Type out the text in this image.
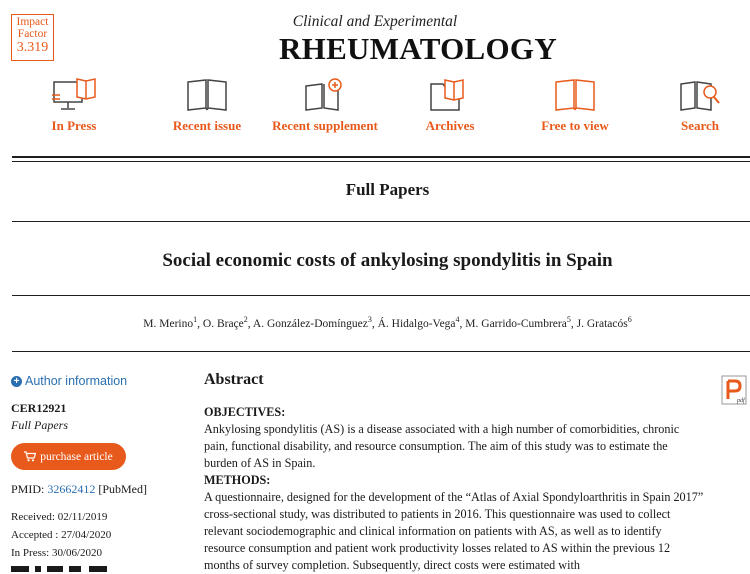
Impact
Factor
3.319
Clinical and Experimental
RHEUMATOLOGY
In Press	Recent issue	Recent supplement	Archives	Free to view	Search
Full Papers
Social economic costs of ankylosing spondylitis in Spain
M. Merino$^1$, O. Braçe$^2$, A. González-Domínguez$^3$, Á. Hidalgo-Vega$^4$, M. Garrido-Cumbrera$^5$, J. Gratacós$^6$
+ Author information
CER12921
Full Papers
purchase article
PMID: 32662412 [PubMed]
Received: 02/11/2019
Accepted : 27/04/2020
In Press: 30/06/2020
Abstract

OBJECTIVES:

Ankylosing spondylitis (AS) is a disease associated with a high number of comorbidities, chronic pain, functional disability, and resource consumption. The aim of this study was to estimate the burden of AS in Spain.

METHODS:

A questionnaire, designed for the development of the “Atlas of Axial Spondyloarthritis in Spain 2017” cross-sectional study, was distributed to patients in 2016. This questionnaire was used to collect relevant sociodemographic and clinical information on patients with AS, as well as to identify resource consumption and patient work productivity losses related to AS within the previous 12 months of survey completion. Subsequently, direct costs were estimated with

pdf
